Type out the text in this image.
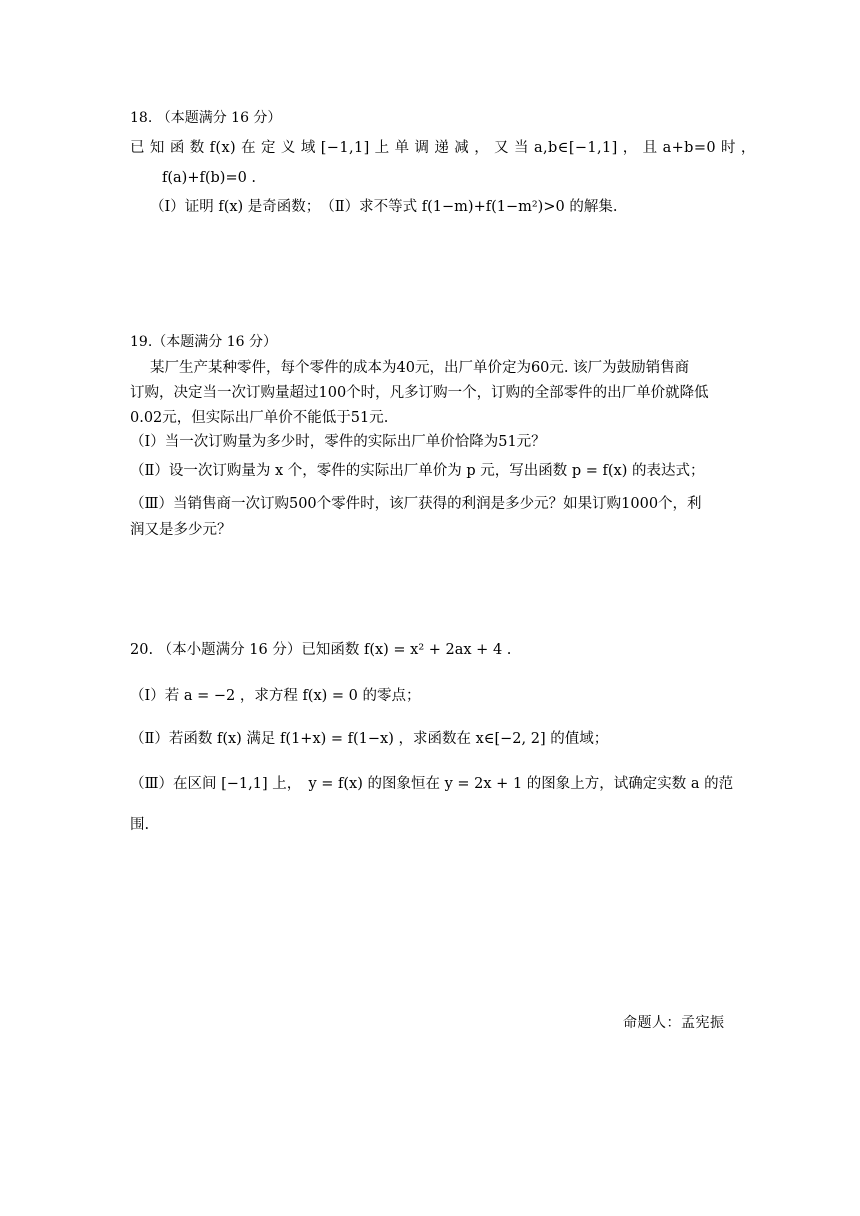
18. （本题满分 16 分）
已 知 函 数 f(x) 在 定 义 域 [−1,1] 上 单 调 递 减 ， 又 当 a,b∈[−1,1] ， 且 a+b=0 时 ，
f(a)+f(b)=0 .
（Ⅰ）证明 f(x) 是奇函数；　（Ⅱ）求不等式 f(1−m)+f(1−m²)>0 的解集.
19.（本题满分 16 分）
某厂生产某种零件，每个零件的成本为40元，出厂单价定为60元. 该厂为鼓励销售商
订购，决定当一次订购量超过100个时，凡多订购一个，订购的全部零件的出厂单价就降低
0.02元，但实际出厂单价不能低于51元.
（Ⅰ）当一次订购量为多少时，零件的实际出厂单价恰降为51元？
（Ⅱ）设一次订购量为 x 个，零件的实际出厂单价为 p 元，写出函数 p = f(x) 的表达式；
（Ⅲ）当销售商一次订购500个零件时，该厂获得的利润是多少元？如果订购1000个，利
润又是多少元？
20. （本小题满分 16 分）已知函数 f(x) = x² + 2ax + 4 .
（Ⅰ）若 a = −2 ，求方程 f(x) = 0 的零点；
（Ⅱ）若函数 f(x) 满足 f(1+x) = f(1−x) ，求函数在 x∈[−2, 2] 的值域；
（Ⅲ）在区间 [−1,1] 上，　y = f(x) 的图象恒在 y = 2x + 1 的图象上方，试确定实数 a 的范
围.
命题人：孟宪振
